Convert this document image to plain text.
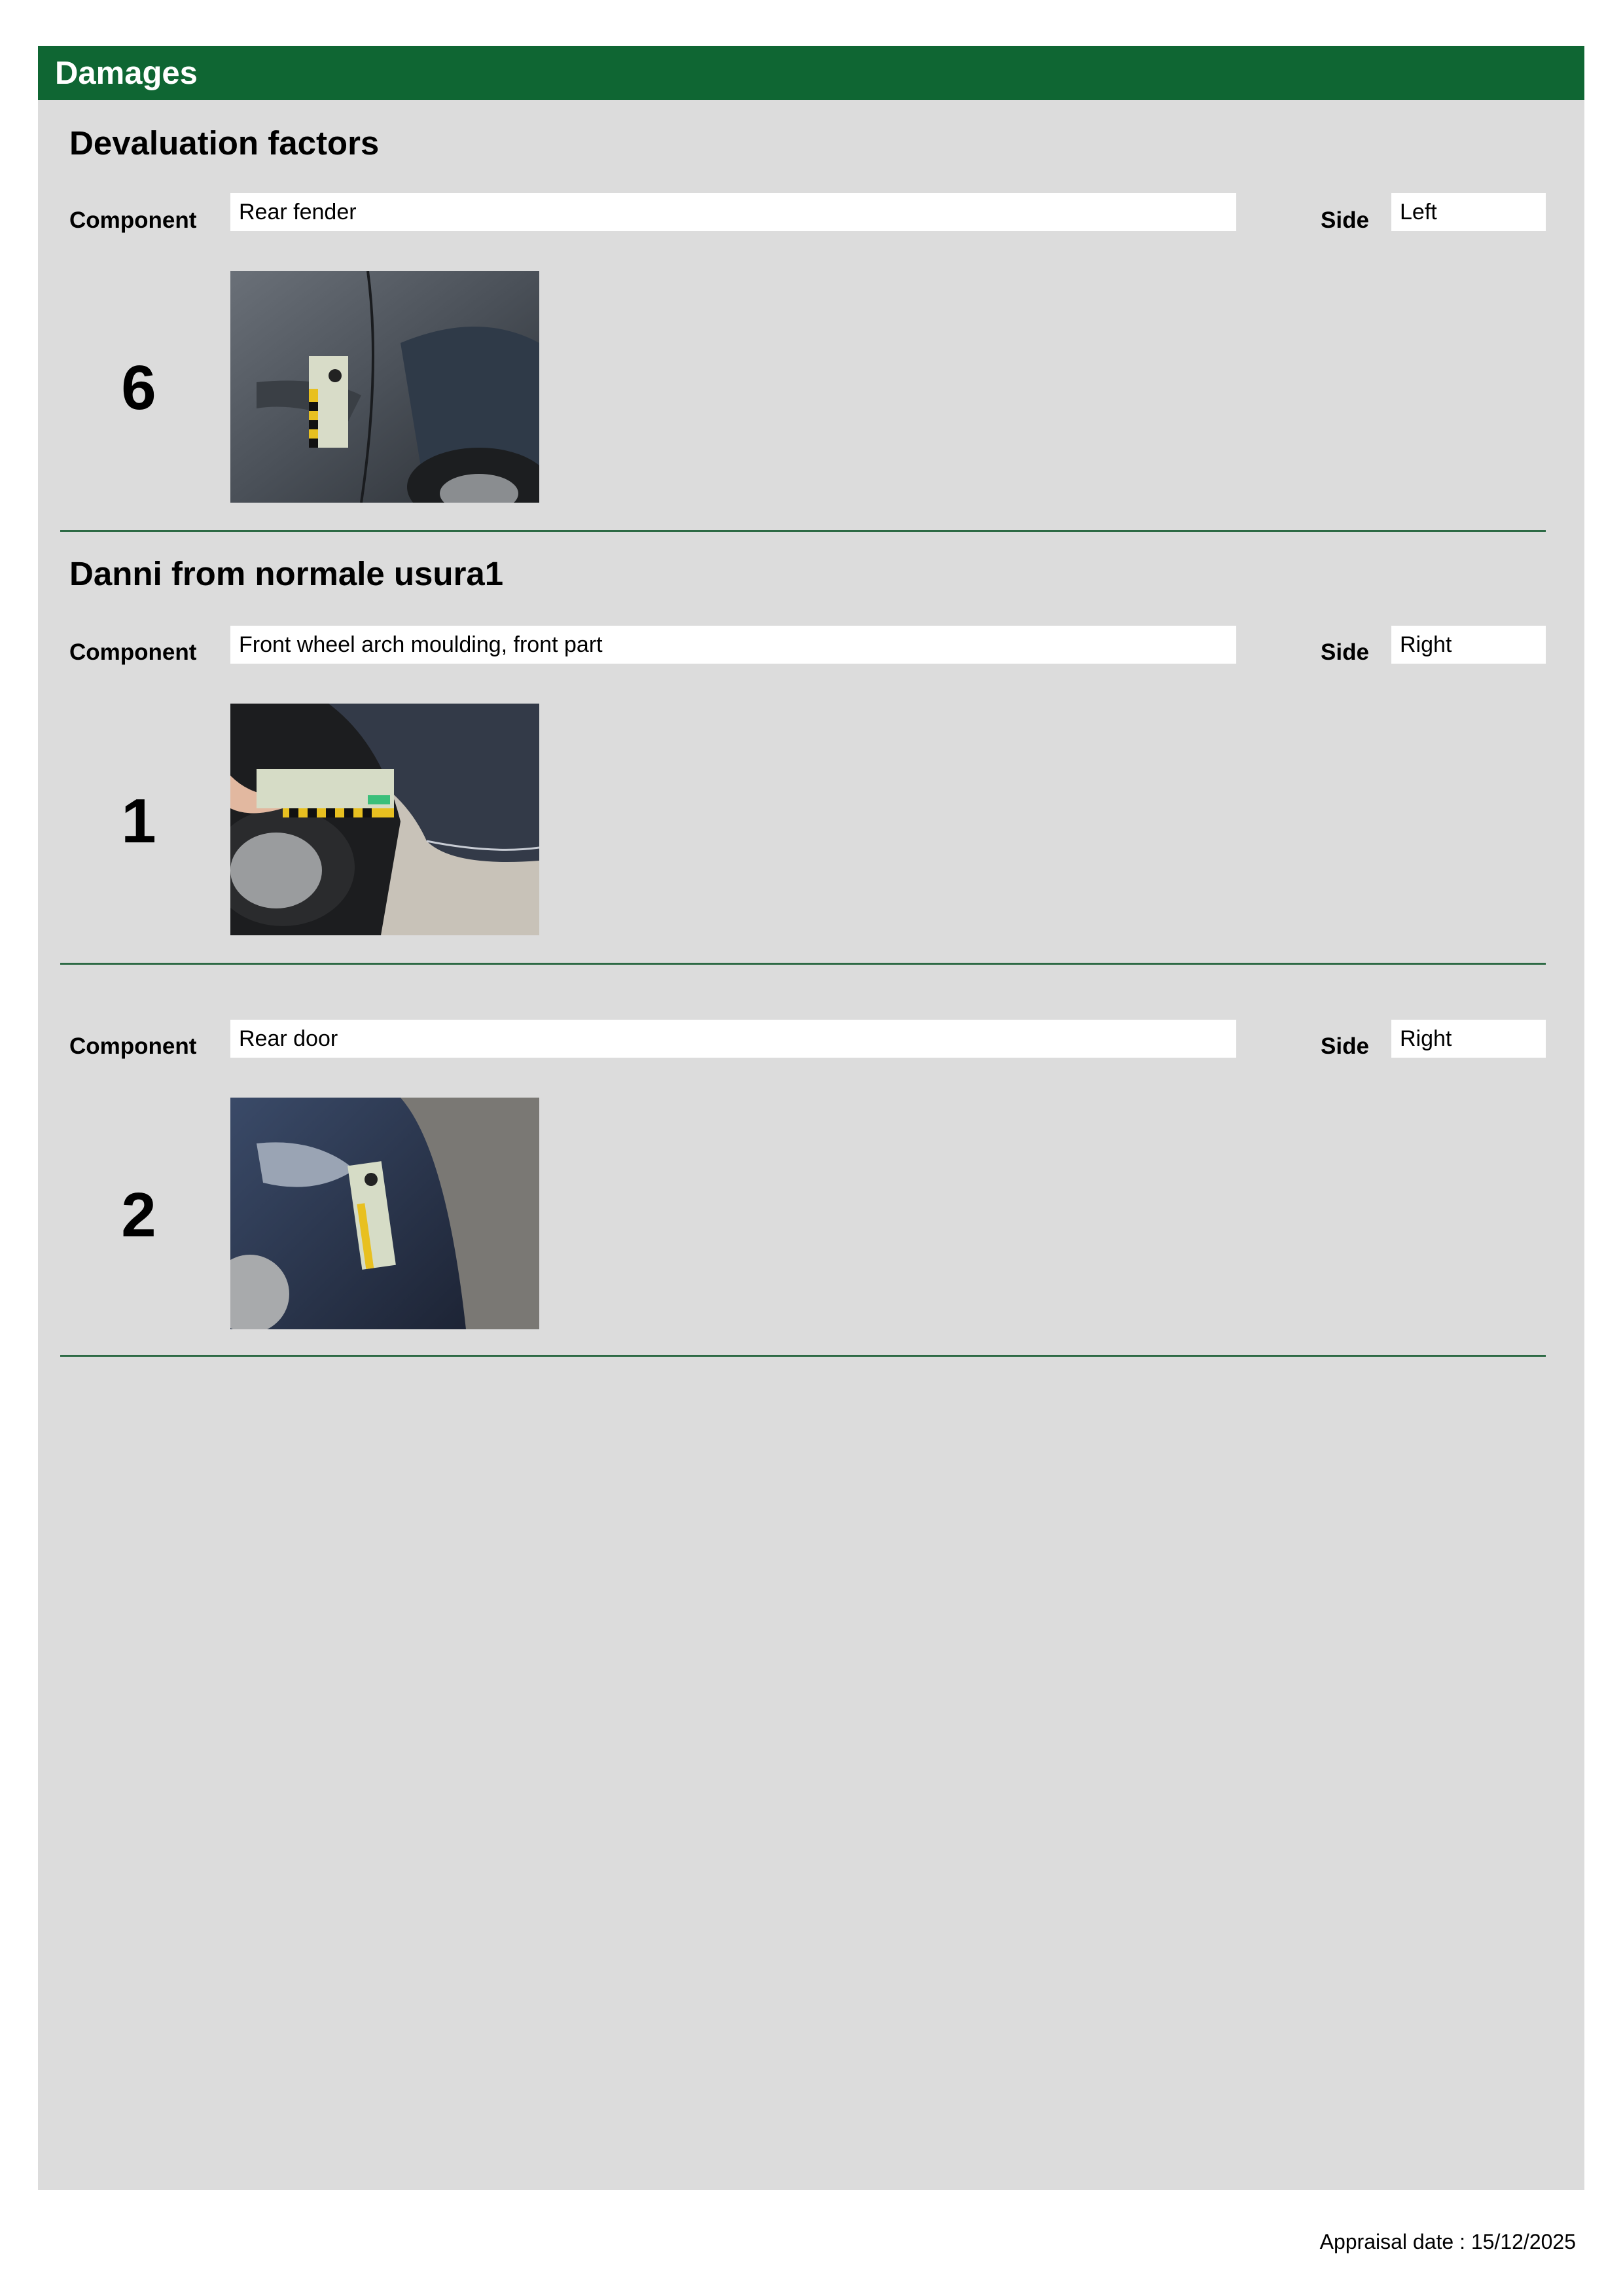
Damages
Devaluation factors
Component	Rear fender	Side	Left
6
Danni from normale usura1
Component	Front wheel arch moulding, front part	Side	Right
1
Component	Rear door	Side	Right
2
Appraisal date : 15/12/2025
